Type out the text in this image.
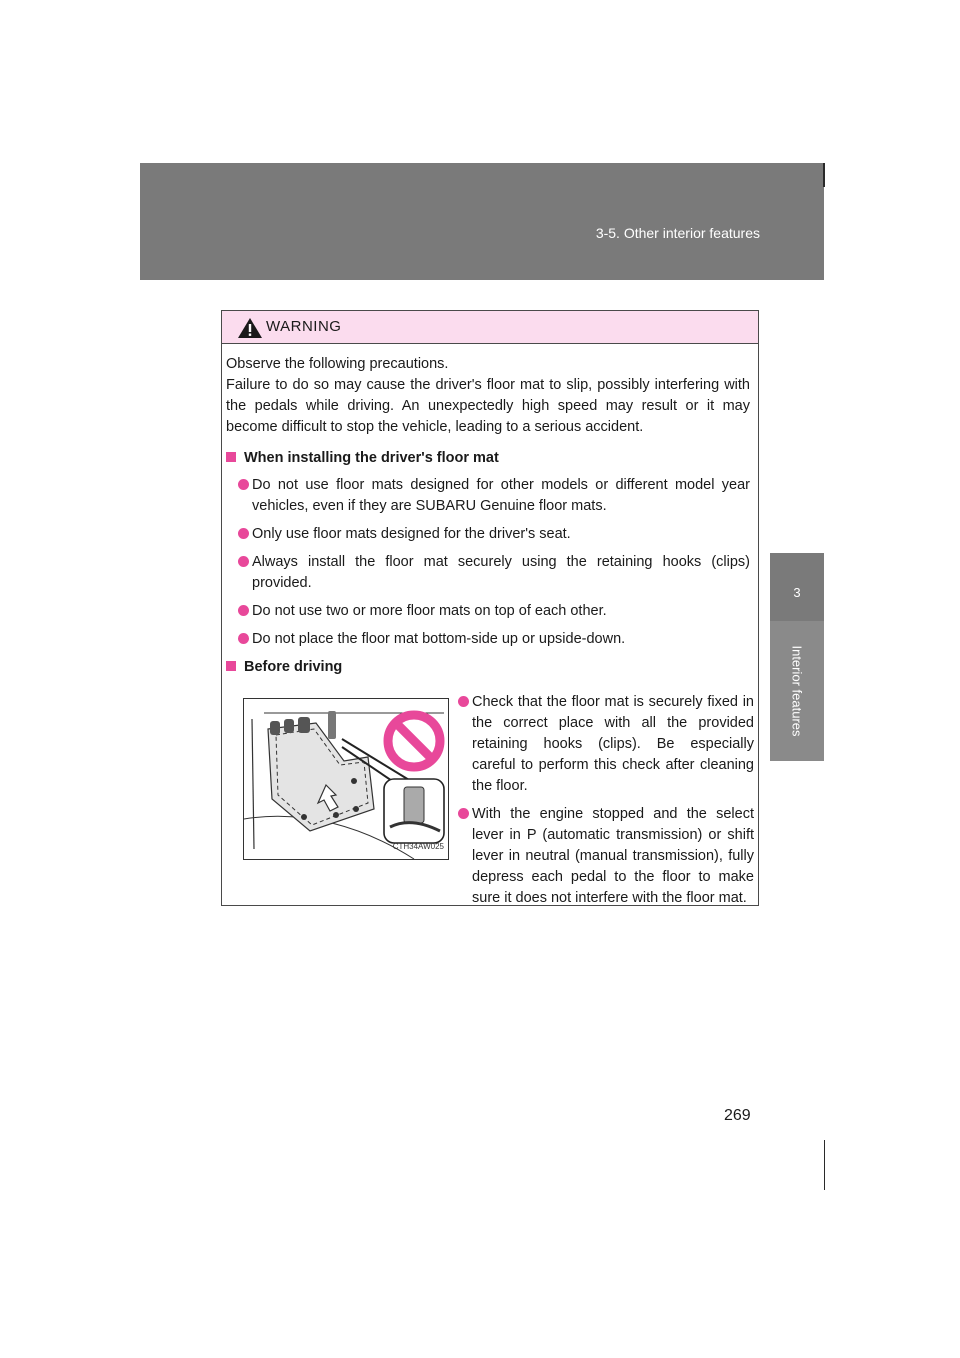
3-5. Other interior features
3
Interior features
WARNING

Observe the following precautions.

Failure to do so may cause the driver's floor mat to slip, possibly interfering with the pedals while driving. An unexpectedly high speed may result or it may become difficult to stop the vehicle, leading to a serious accident.

When installing the driver's floor mat
Do not use floor mats designed for other models or different model year vehicles, even if they are SUBARU Genuine floor mats.
Only use floor mats designed for the driver's seat.
Always install the floor mat securely using the retaining hooks (clips) provided.
Do not use two or more floor mats on top of each other.
Do not place the floor mat bottom-side up or upside-down.
Before driving
CTH34AW025
Check that the floor mat is securely fixed in the correct place with all the provided retaining hooks (clips). Be especially careful to perform this check after cleaning the floor.
With the engine stopped and the select lever in P (automatic transmission) or shift lever in neutral (manual transmission), fully depress each pedal to the floor to make sure it does not interfere with the floor mat.
269
